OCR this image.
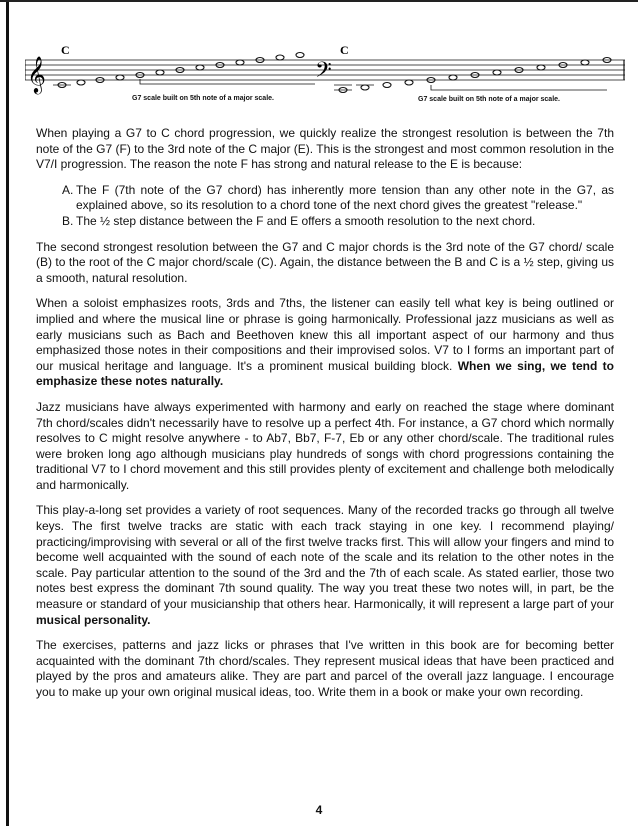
𝄞	𝄢
C	C
G7 scale built on 5th note of a major scale.	G7 scale built on 5th note of a major scale.

When playing a G7 to C chord progression, we quickly realize the strongest resolution is between the 7th note of the G7 (F) to the 3rd note of the C major (E). This is the strongest and most common resolution in the V7/I progression. The reason the note F has strong and natural release to the E is because:

A. The F (7th note of the G7 chord) has inherently more tension than any other note in the G7, as explained above, so its resolution to a chord tone of the next chord gives the greatest "release."
B. The ½ step distance between the F and E offers a smooth resolution to the next chord.

The second strongest resolution between the G7 and C major chords is the 3rd note of the G7 chord/ scale (B) to the root of the C major chord/scale (C). Again, the distance between the B and C is a ½ step, giving us a smooth, natural resolution.

When a soloist emphasizes roots, 3rds and 7ths, the listener can easily tell what key is being outlined or implied and where the musical line or phrase is going harmonically. Professional jazz musicians as well as early musicians such as Bach and Beethoven knew this all important aspect of our harmony and thus emphasized those notes in their compositions and their improvised solos. V7 to I forms an important part of our musical heritage and language. It's a prominent musical building block. When we sing, we tend to emphasize these notes naturally.

Jazz musicians have always experimented with harmony and early on reached the stage where dominant 7th chord/scales didn't necessarily have to resolve up a perfect 4th. For instance, a G7 chord which normally resolves to C might resolve anywhere - to Ab7, Bb7, F-7, Eb or any other chord/scale. The traditional rules were broken long ago although musicians play hundreds of songs with chord progressions containing the traditional V7 to I chord movement and this still provides plenty of excitement and challenge both melodically and harmonically.

This play-a-long set provides a variety of root sequences. Many of the recorded tracks go through all twelve keys. The first twelve tracks are static with each track staying in one key. I recommend playing/ practicing/improvising with several or all of the first twelve tracks first. This will allow your fingers and mind to become well acquainted with the sound of each note of the scale and its relation to the other notes in the scale. Pay particular attention to the sound of the 3rd and the 7th of each scale. As stated earlier, those two notes best express the dominant 7th sound quality. The way you treat these two notes will, in part, be the measure or standard of your musicianship that others hear. Harmonically, it will represent a large part of your musical personality.

The exercises, patterns and jazz licks or phrases that I've written in this book are for becoming better acquainted with the dominant 7th chord/scales. They represent musical ideas that have been practiced and played by the pros and amateurs alike. They are part and parcel of the overall jazz language. I encourage you to make up your own original musical ideas, too. Write them in a book or make your own recording.

4
